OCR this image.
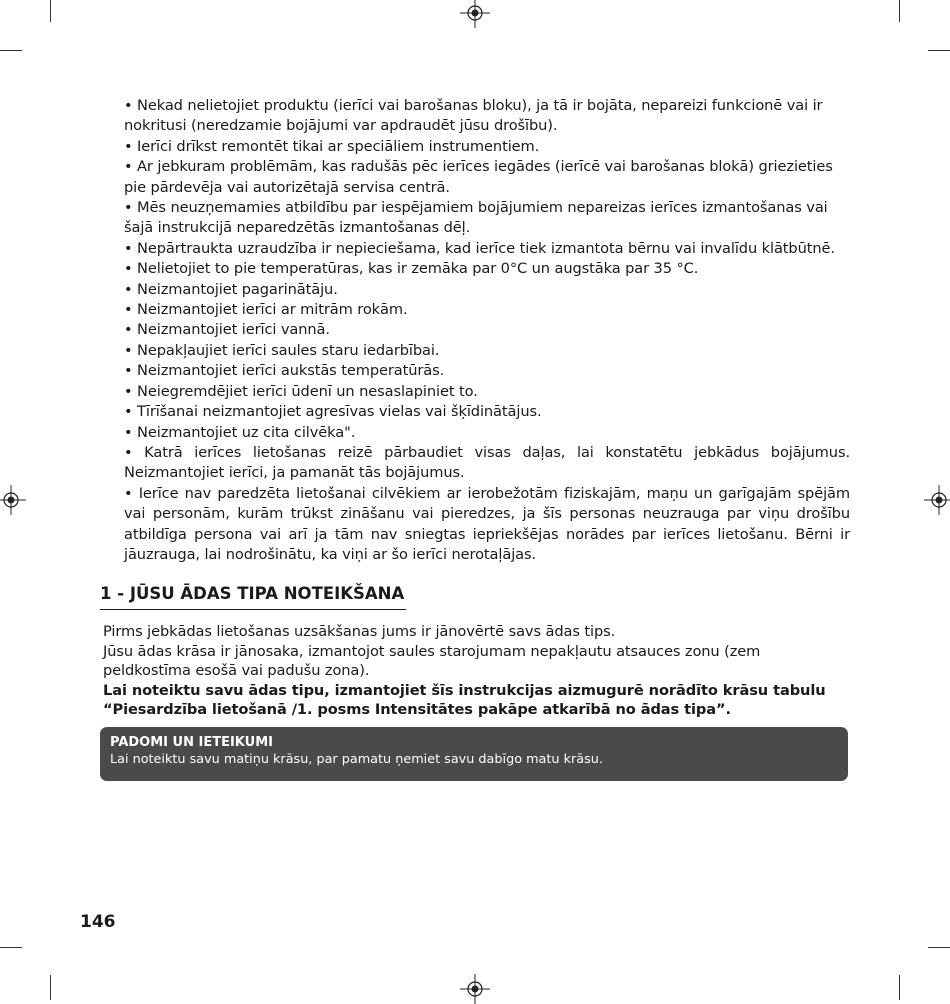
• Nekad nelietojiet produktu (ierīci vai barošanas bloku), ja tā ir bojāta, nepareizi funkcionē vai ir nokritusi (neredzamie bojājumi var apdraudēt jūsu drošību).

• Ierīci drīkst remontēt tikai ar speciāliem instrumentiem.

• Ar jebkuram problēmām, kas radušās pēc ierīces iegādes (ierīcē vai barošanas blokā) griezieties pie pārdevēja vai autorizētajā servisa centrā.

• Mēs neuzņemamies atbildību par iespējamiem bojājumiem nepareizas ierīces izmantošanas vai šajā instrukcijā neparedzētās izmantošanas dēļ.

• Nepārtraukta uzraudzība ir nepieciešama, kad ierīce tiek izmantota bērnu vai invalīdu klātbūtnē.

• Nelietojiet to pie temperatūras, kas ir zemāka par 0°C un augstāka par 35 °C.

• Neizmantojiet pagarinātāju.

• Neizmantojiet ierīci ar mitrām rokām.

• Neizmantojiet ierīci vannā.

• Nepakļaujiet ierīci saules staru iedarbībai.

• Neizmantojiet ierīci aukstās temperatūrās.

• Neiegremdējiet ierīci ūdenī un nesaslapiniet to.

• Tīrīšanai neizmantojiet agresīvas vielas vai šķīdinātājus.

• Neizmantojiet uz cita cilvēka".

• Katrā ierīces lietošanas reizē pārbaudiet visas daļas, lai konstatētu jebkādus bojājumus. Neizmantojiet ierīci, ja pamanāt tās bojājumus.

• Ierīce nav paredzēta lietošanai cilvēkiem ar ierobežotām fiziskajām, maņu un garīgajām spējām vai personām, kurām trūkst zināšanu vai pieredzes, ja šīs personas neuzrauga par viņu drošību atbildīga persona vai arī ja tām nav sniegtas iepriekšējas norādes par ierīces lietošanu. Bērni ir jāuzrauga, lai nodrošinātu, ka viņi ar šo ierīci nerotaļājas.

1 - JŪSU ĀDAS TIPA NOTEIKŠANA

Pirms jebkādas lietošanas uzsākšanas jums ir jānovērtē savs ādas tips.

Jūsu ādas krāsa ir jānosaka, izmantojot saules starojumam nepakļautu atsauces zonu (zem peldkostīma esošā vai padušu zona).

Lai noteiktu savu ādas tipu, izmantojiet šīs instrukcijas aizmugurē norādīto krāsu tabulu “Piesardzība lietošanā /1. posms Intensitātes pakāpe atkarībā no ādas tipa”.

PADOMI UN IETEIKUMI

Lai noteiktu savu matiņu krāsu, par pamatu ņemiet savu dabīgo matu krāsu.

146
